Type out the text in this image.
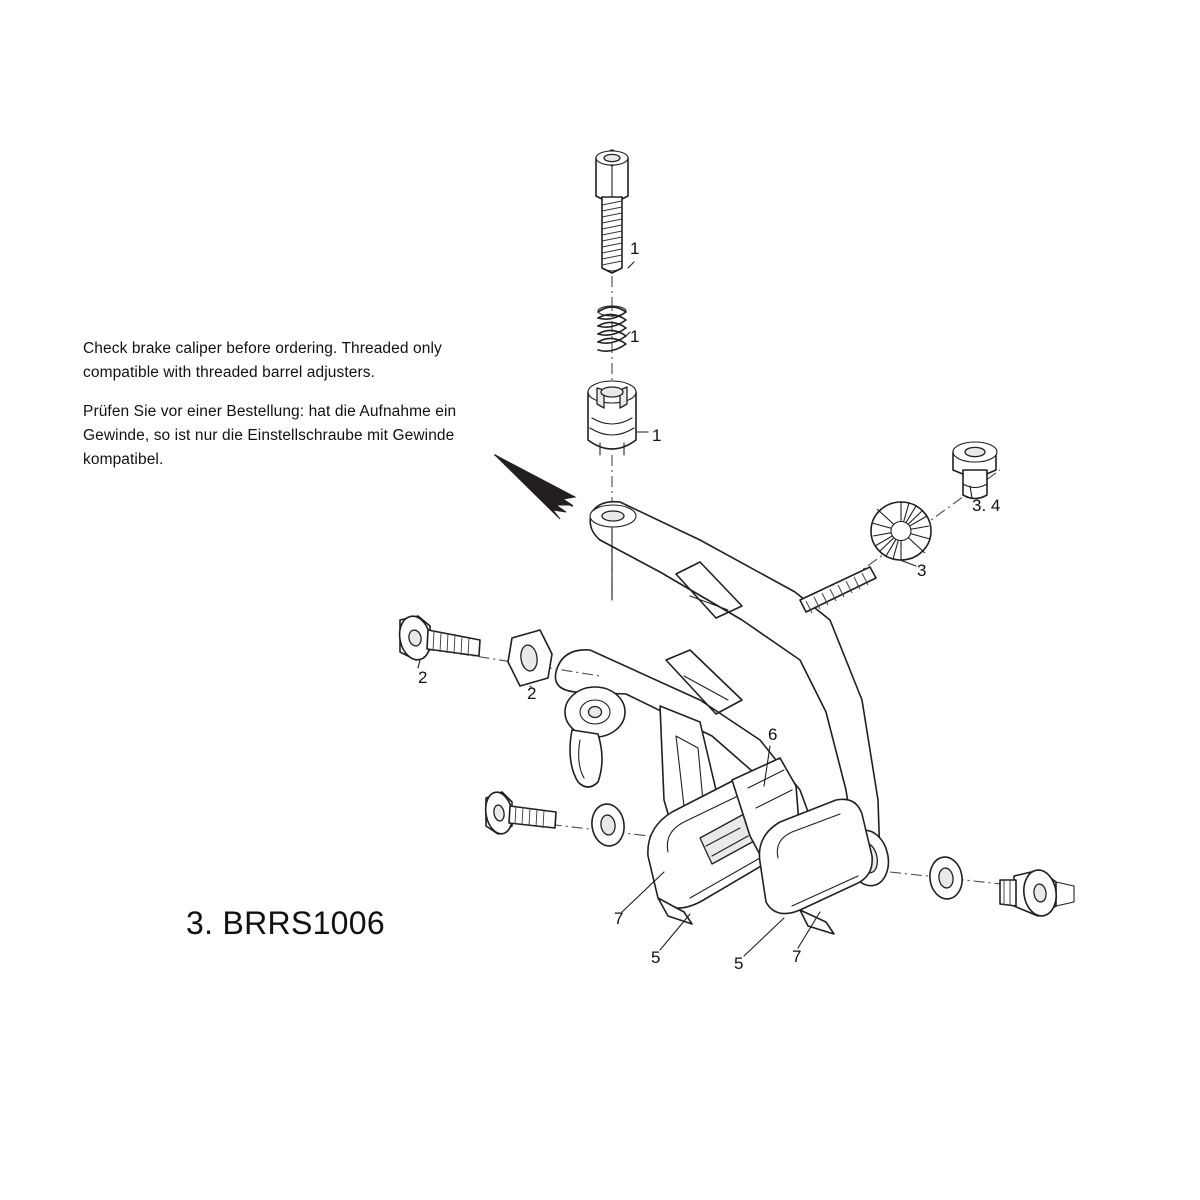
Check brake caliper before ordering. Threaded only compatible with threaded barrel adjusters.
Prüfen Sie vor einer Bestellung: hat die Aufnahme ein Gewinde, so ist nur die Einstellschraube mit Gewinde kompatibel.
3. BRRS1006
1
1
1
3. 4
3
2
2
6
7
5	5	7
